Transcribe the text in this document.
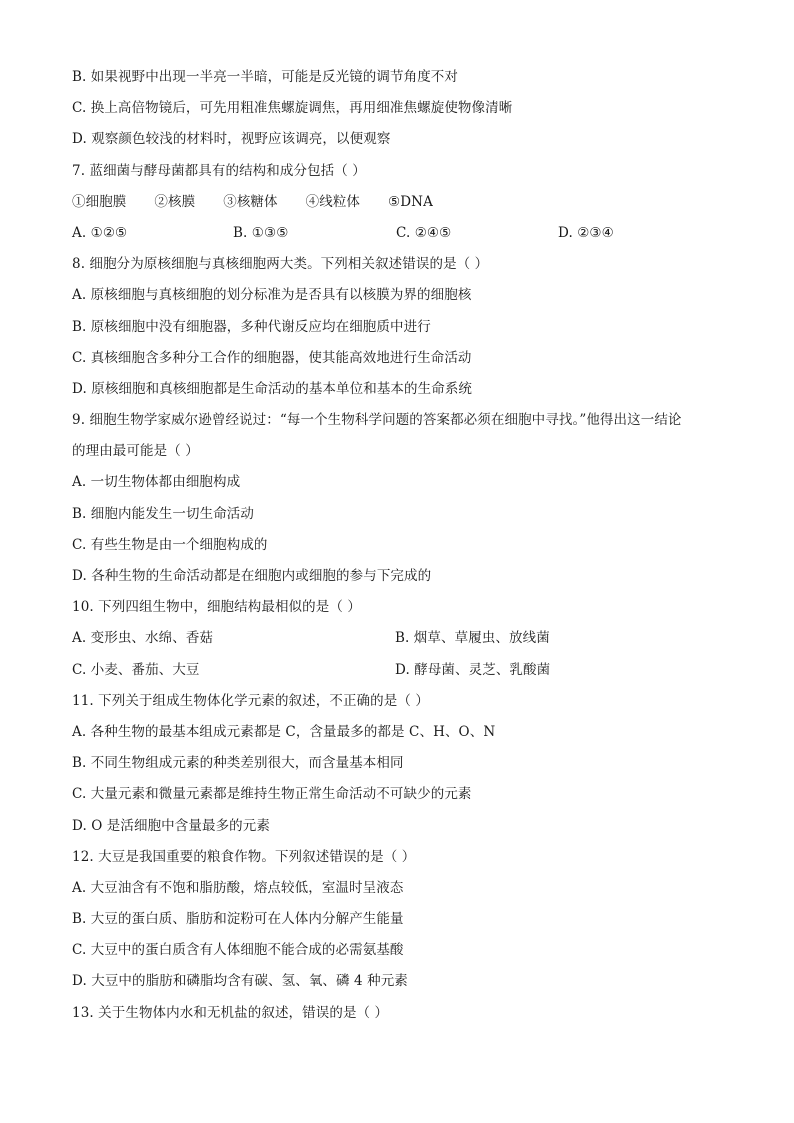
B. 如果视野中出现一半亮一半暗，可能是反光镜的调节角度不对
C. 换上高倍物镜后，可先用粗准焦螺旋调焦，再用细准焦螺旋使物像清晰
D. 观察颜色较浅的材料时，视野应该调亮，以便观察
7. 蓝细菌与酵母菌都具有的结构和成分包括（ ）
①细胞膜 ②核膜 ③核糖体 ④线粒体 ⑤DNA
A. ①②⑤	B. ①③⑤	C. ②④⑤	D. ②③④
8. 细胞分为原核细胞与真核细胞两大类。下列相关叙述错误的是（ ）
A. 原核细胞与真核细胞的划分标准为是否具有以核膜为界的细胞核
B. 原核细胞中没有细胞器，多种代谢反应均在细胞质中进行
C. 真核细胞含多种分工合作的细胞器，使其能高效地进行生命活动
D. 原核细胞和真核细胞都是生命活动的基本单位和基本的生命系统
9. 细胞生物学家威尔逊曾经说过：“每一个生物科学问题的答案都必须在细胞中寻找。”他得出这一结论
的理由最可能是（ ）
A. 一切生物体都由细胞构成
B. 细胞内能发生一切生命活动
C. 有些生物是由一个细胞构成的
D. 各种生物的生命活动都是在细胞内或细胞的参与下完成的
10. 下列四组生物中，细胞结构最相似的是（ ）
A. 变形虫、水绵、香菇	B. 烟草、草履虫、放线菌
C. 小麦、番茄、大豆	D. 酵母菌、灵芝、乳酸菌
11. 下列关于组成生物体化学元素的叙述，不正确的是（ ）
A. 各种生物的最基本组成元素都是 C，含量最多的都是 C、H、O、N
B. 不同生物组成元素的种类差别很大，而含量基本相同
C. 大量元素和微量元素都是维持生物正常生命活动不可缺少的元素
D. O 是活细胞中含量最多的元素
12. 大豆是我国重要的粮食作物。下列叙述错误的是（ ）
A. 大豆油含有不饱和脂肪酸，熔点较低，室温时呈液态
B. 大豆的蛋白质、脂肪和淀粉可在人体内分解产生能量
C. 大豆中的蛋白质含有人体细胞不能合成的必需氨基酸
D. 大豆中的脂肪和磷脂均含有碳、氢、氧、磷 4 种元素
13. 关于生物体内水和无机盐的叙述，错误的是（ ）
